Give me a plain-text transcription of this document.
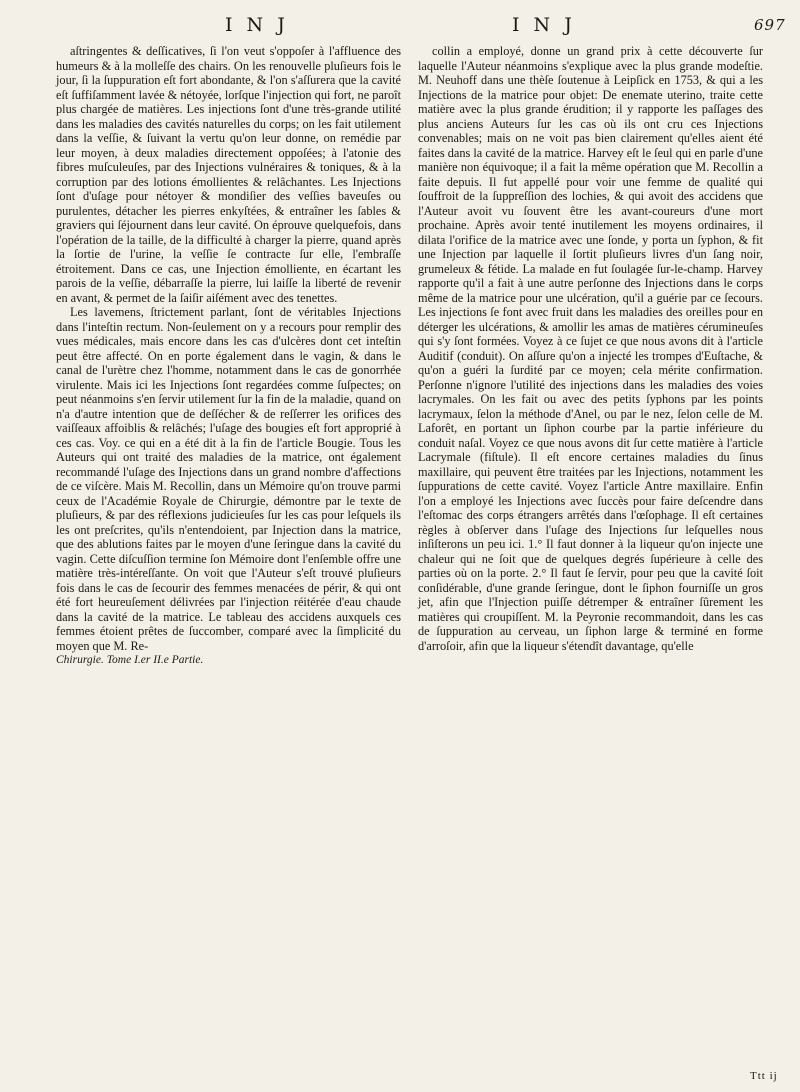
I N J	I N J	697

aſtringentes & deſſicatives, ſi l'on veut s'oppoſer à l'affluence des humeurs & à la molleſſe des chairs. On les renouvelle pluſieurs fois le jour, ſi la ſuppuration eſt fort abondante, & l'on s'aſſurera que la cavité eſt ſuffiſamment lavée & nétoyée, lorſque l'injection qui fort, ne paroît plus chargée de matières. Les injections ſont d'une très-grande utilité dans les maladies des cavités naturelles du corps; on les fait utilement dans la veſſie, & ſuivant la vertu qu'on leur donne, on remédie par leur moyen, à deux maladies directement oppoſées; à l'atonie des fibres muſculeuſes, par des Injections vulnéraires & toniques, & à la corruption par des lotions émollientes & relâchantes. Les Injections ſont d'uſage pour nétoyer & mondiſier des veſſies baveuſes ou purulentes, détacher les pierres enkyſtées, & entraîner les ſables & graviers qui ſéjournent dans leur cavité. On éprouve quelquefois, dans l'opération de la taille, de la difficulté à charger la pierre, quand après la ſortie de l'urine, la veſſie ſe contracte ſur elle, l'embraſſe étroitement. Dans ce cas, une Injection émolliente, en écartant les parois de la veſſie, débarraſſe la pierre, lui laiſſe la liberté de revenir en avant, & permet de la ſaiſir aiſément avec des tenettes.

Les lavemens, ſtrictement parlant, ſont de véritables Injections dans l'inteſtin rectum. Non-ſeulement on y a recours pour remplir des vues médicales, mais encore dans les cas d'ulcères dont cet inteſtin peut être affecté. On en porte également dans le vagin, & dans le canal de l'urètre chez l'homme, notamment dans le cas de gonorrhée virulente. Mais ici les Injections ſont regardées comme ſuſpectes; on peut néanmoins s'en ſervir utilement ſur la fin de la maladie, quand on n'a d'autre intention que de deſſécher & de reſſerrer les orifices des vaiſſeaux affoiblis & relâchés; l'uſage des bougies eſt fort approprié à ces cas. Voy. ce qui en a été dit à la fin de l'article Bougie. Tous les Auteurs qui ont traité des maladies de la matrice, ont également recommandé l'uſage des Injections dans un grand nombre d'affections de ce viſcère. Mais M. Recollin, dans un Mémoire qu'on trouve parmi ceux de l'Académie Royale de Chirurgie, démontre par le texte de pluſieurs, & par des réflexions judicieuſes ſur les cas pour leſquels ils les ont preſcrites, qu'ils n'entendoient, par Injection dans la matrice, que des ablutions faites par le moyen d'une ſeringue dans la cavité du vagin. Cette diſcuſſion termine ſon Mémoire dont l'enſemble offre une matière très-intéreſſante. On voit que l'Auteur s'eſt trouvé pluſieurs fois dans le cas de ſecourir des femmes menacées de périr, & qui ont été fort heureuſement délivrées par l'injection réitérée d'eau chaude dans la cavité de la matrice. Le tableau des accidens auxquels ces femmes étoient prêtes de ſuccomber, comparé avec la ſimplicité du moyen que M. Re-

Chirurgie. Tome I.er II.e Partie.

collin a employé, donne un grand prix à cette découverte ſur laquelle l'Auteur néanmoins s'explique avec la plus grande modeſtie. M. Neuhoff dans une thèſe ſoutenue à Leipſick en 1753, & qui a les Injections de la matrice pour objet: De enemate uterino, traite cette matière avec la plus grande érudition; il y rapporte les paſſages des plus anciens Auteurs ſur les cas où ils ont cru ces Injections convenables; mais on ne voit pas bien clairement qu'elles aient été faites dans la cavité de la matrice. Harvey eſt le ſeul qui en parle d'une manière non équivoque; il a fait la même opération que M. Recollin a faite depuis. Il fut appellé pour voir une femme de qualité qui ſouffroit de la ſuppreſſion des lochies, & qui avoit des accidens que l'Auteur avoit vu ſouvent être les avant-coureurs d'une mort prochaine. Après avoir tenté inutilement les moyens ordinaires, il dilata l'orifice de la matrice avec une ſonde, y porta un ſyphon, & fit une Injection par laquelle il ſortit pluſieurs livres d'un ſang noir, grumeleux & fétide. La malade en fut ſoulagée ſur-le-champ. Harvey rapporte qu'il a fait à une autre perſonne des Injections dans le corps même de la matrice pour une ulcération, qu'il a guérie par ce ſecours. Les injections ſe font avec fruit dans les maladies des oreilles pour en déterger les ulcérations, & amollir les amas de matières cérumineuſes qui s'y ſont formées. Voyez à ce ſujet ce que nous avons dit à l'article Auditif (conduit). On aſſure qu'on a injecté les trompes d'Euſtache, & qu'on a guéri la ſurdité par ce moyen; cela mérite confirmation. Perſonne n'ignore l'utilité des injections dans les maladies des voies lacrymales. On les fait ou avec des petits ſyphons par les points lacrymaux, ſelon la méthode d'Anel, ou par le nez, ſelon celle de M. Laforêt, en portant un ſiphon courbe par la partie inférieure du conduit naſal. Voyez ce que nous avons dit ſur cette matière à l'article Lacrymale (fiſtule). Il eſt encore certaines maladies du ſinus maxillaire, qui peuvent être traitées par les Injections, notamment les ſuppurations de cette cavité. Voyez l'article Antre maxillaire. Enfin l'on a employé les Injections avec ſuccès pour faire deſcendre dans l'eſtomac des corps étrangers arrêtés dans l'œſophage. Il eſt certaines règles à obſerver dans l'uſage des Injections ſur leſquelles nous inſiſterons un peu ici. 1.° Il faut donner à la liqueur qu'on injecte une chaleur qui ne ſoit que de quelques degrés ſupérieure à celle des parties où on la porte. 2.° Il faut ſe ſervir, pour peu que la cavité ſoit conſidérable, d'une grande ſeringue, dont le ſiphon fourniſſe un gros jet, afin que l'Injection puiſſe détremper & entraîner ſûrement les matières qui croupiſſent. M. la Peyronie recommandoit, dans les cas de ſuppuration au cerveau, un ſiphon large & terminé en forme d'arroſoir, afin que la liqueur s'étendît davantage, qu'elle

Ttt ij
